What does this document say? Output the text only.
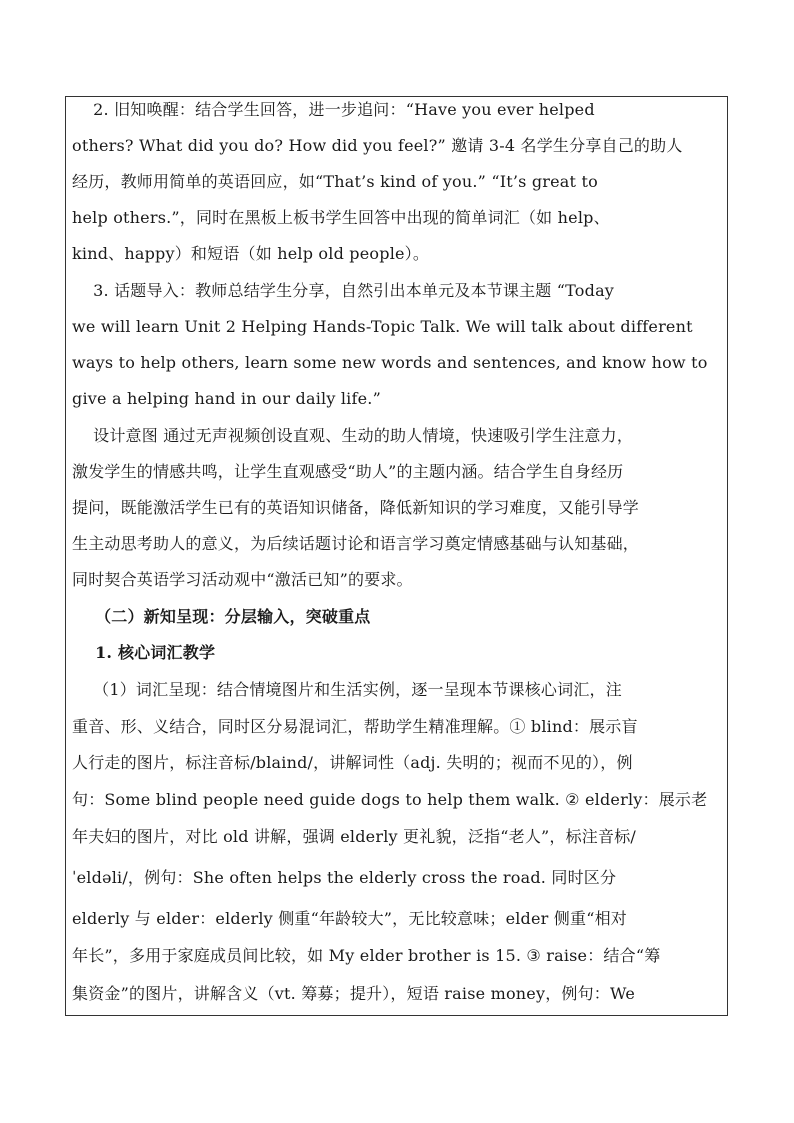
2. 旧知唤醒：结合学生回答，进一步追问：“Have you ever helped
others? What did you do? How did you feel?” 邀请 3-4 名学生分享自己的助人
经历，教师用简单的英语回应，如“That’s kind of you.” “It’s great to
help others.”，同时在黑板上板书学生回答中出现的简单词汇（如 help、
kind、happy）和短语（如 help old people）。
3. 话题导入：教师总结学生分享，自然引出本单元及本节课主题 “Today
we will learn Unit 2 Helping Hands-Topic Talk. We will talk about different
ways to help others, learn some new words and sentences, and know how to
give a helping hand in our daily life.”
设计意图 通过无声视频创设直观、生动的助人情境，快速吸引学生注意力，
激发学生的情感共鸣，让学生直观感受“助人”的主题内涵。结合学生自身经历
提问，既能激活学生已有的英语知识储备，降低新知识的学习难度，又能引导学
生主动思考助人的意义，为后续话题讨论和语言学习奠定情感基础与认知基础，
同时契合英语学习活动观中“激活已知”的要求。
（二）新知呈现：分层输入，突破重点
1. 核心词汇教学
（1）词汇呈现：结合情境图片和生活实例，逐一呈现本节课核心词汇，注
重音、形、义结合，同时区分易混词汇，帮助学生精准理解。① blind：展示盲
人行走的图片，标注音标/blaind/，讲解词性（adj. 失明的；视而不见的），例
句：Some blind people need guide dogs to help them walk. ② elderly：展示老
年夫妇的图片，对比 old 讲解，强调 elderly 更礼貌，泛指“老人”，标注音标/
ˈeldəli/，例句：She often helps the elderly cross the road. 同时区分
elderly 与 elder：elderly 侧重“年龄较大”，无比较意味；elder 侧重“相对
年长”，多用于家庭成员间比较，如 My elder brother is 15. ③ raise：结合“筹
集资金”的图片，讲解含义（vt. 筹募；提升），短语 raise money，例句：We
